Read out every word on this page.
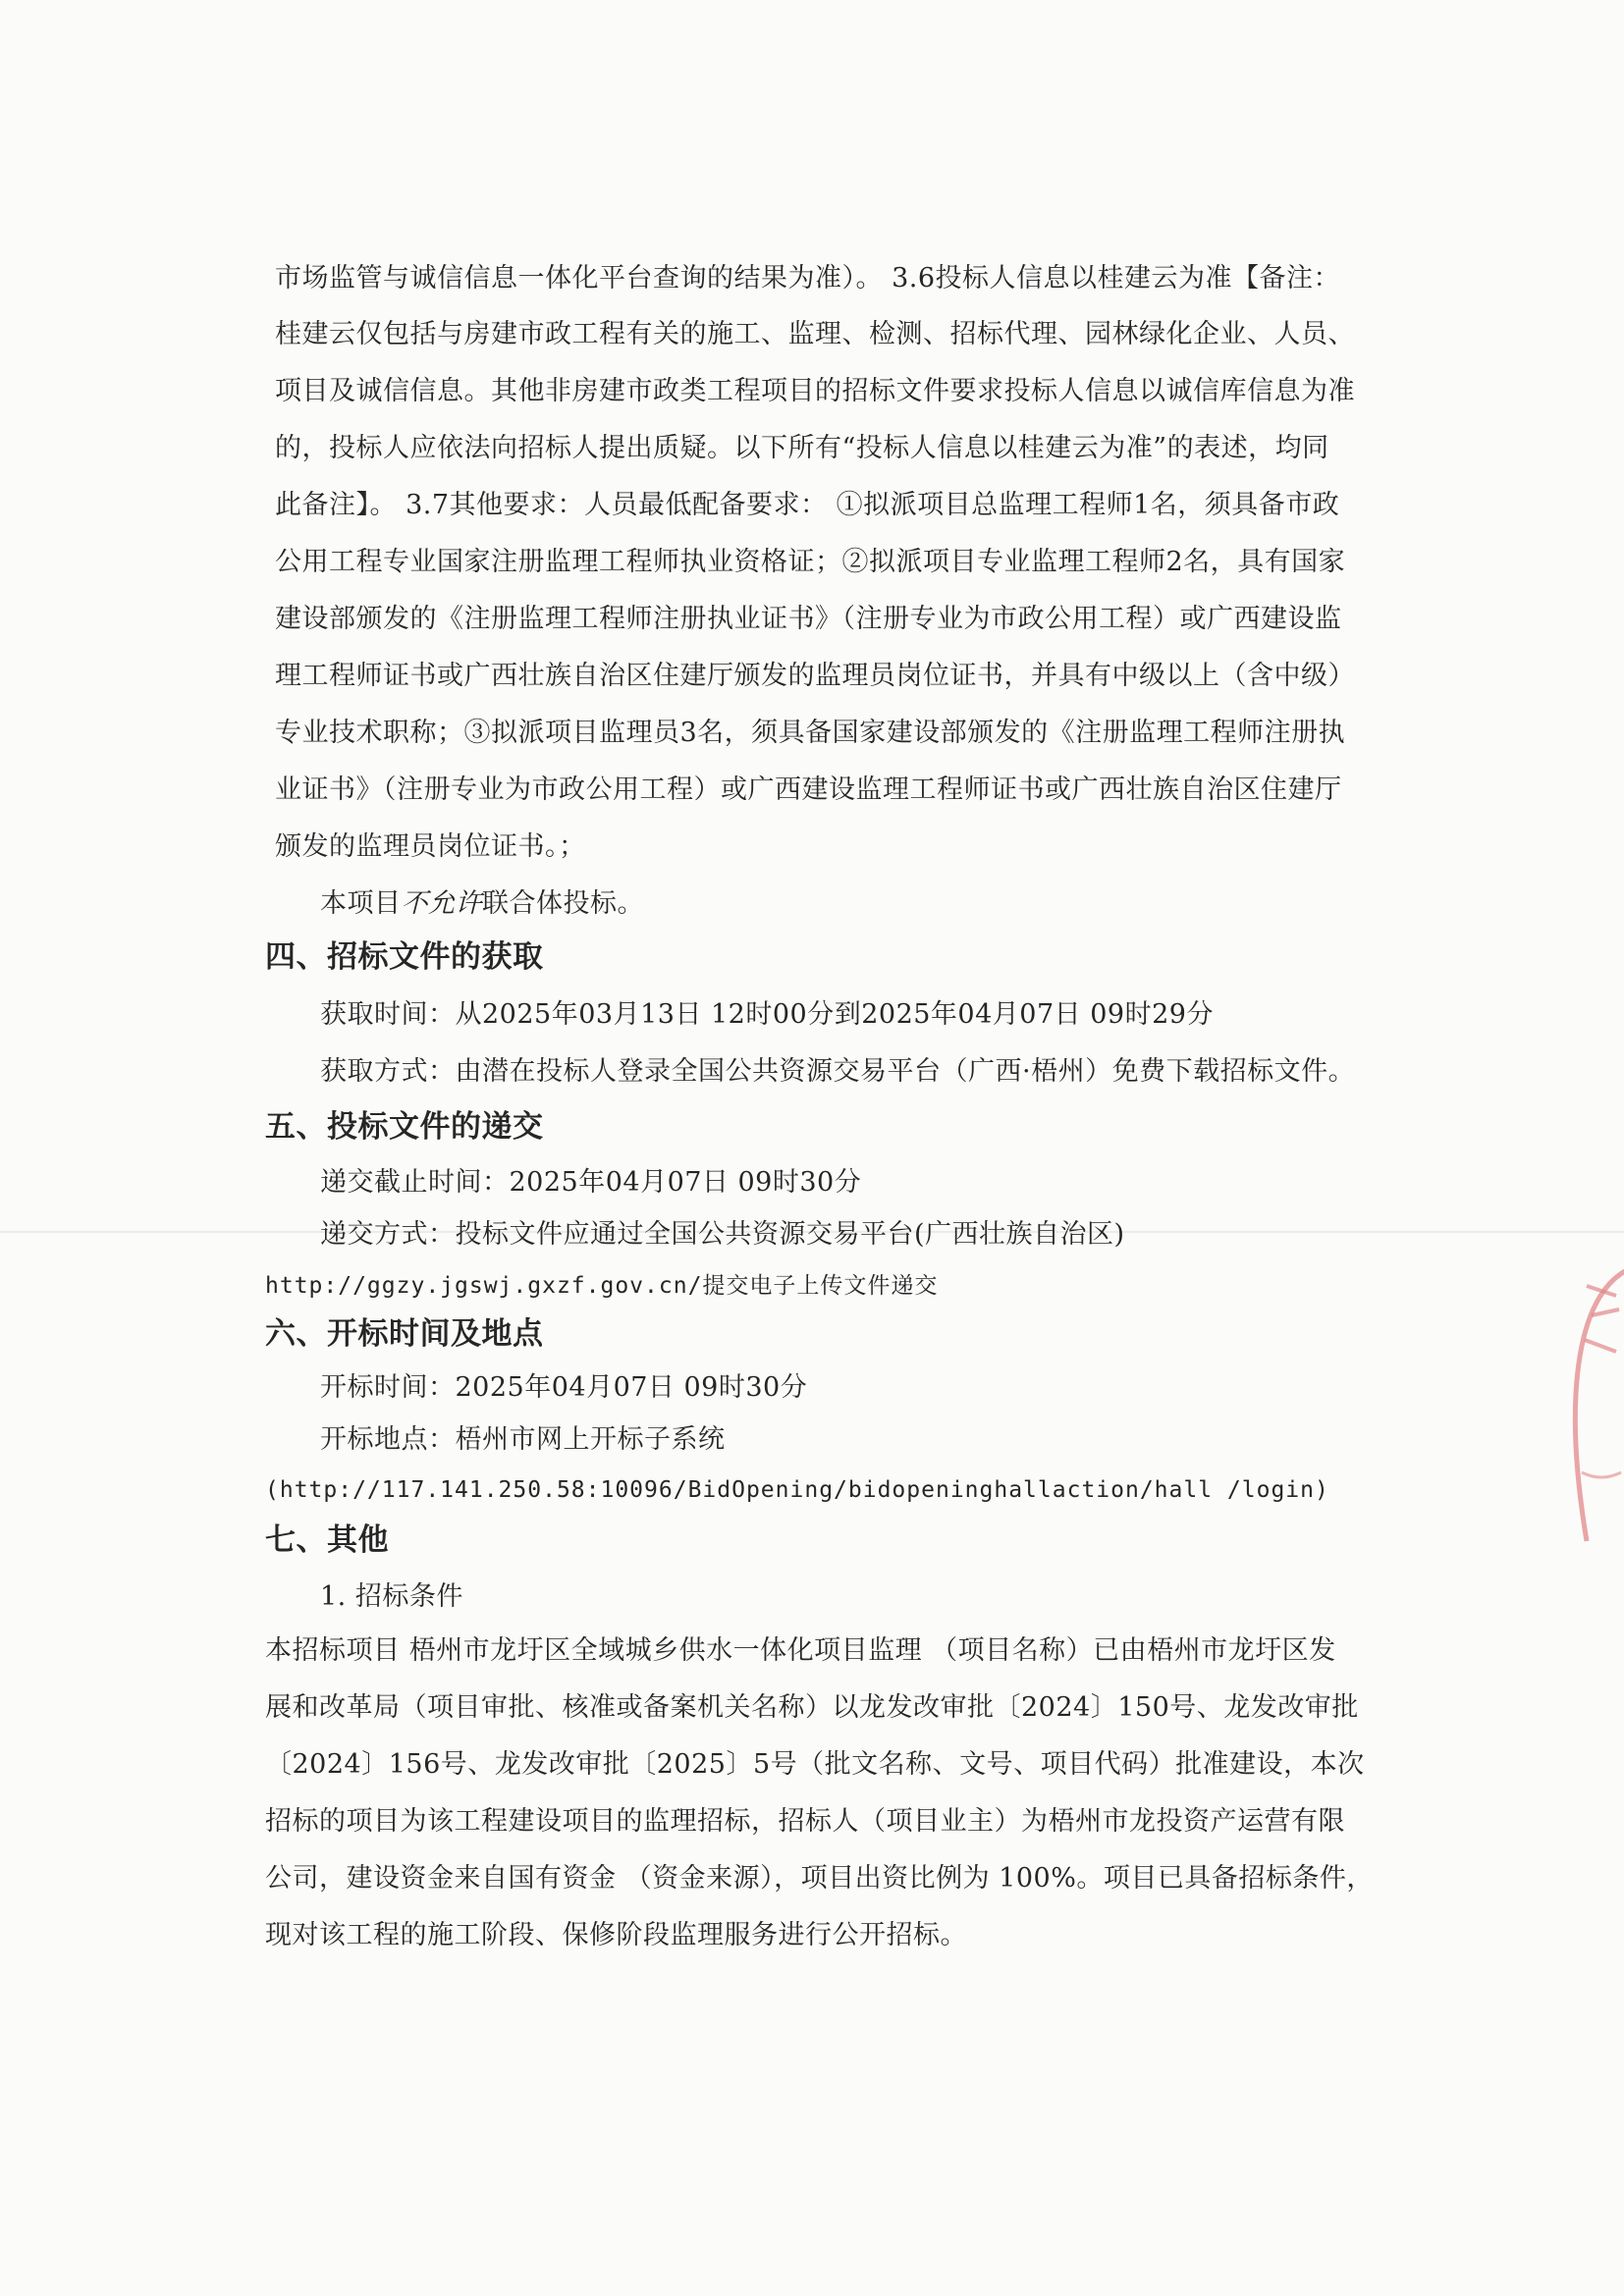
市场监管与诚信信息一体化平台查询的结果为准）。 3.6投标人信息以桂建云为准【备注：
桂建云仅包括与房建市政工程有关的施工、监理、检测、招标代理、园林绿化企业、人员、
项目及诚信信息。其他非房建市政类工程项目的招标文件要求投标人信息以诚信库信息为准
的，投标人应依法向招标人提出质疑。以下所有“投标人信息以桂建云为准”的表述，均同
此备注】。 3.7其他要求：人员最低配备要求： ①拟派项目总监理工程师1名，须具备市政
公用工程专业国家注册监理工程师执业资格证；②拟派项目专业监理工程师2名，具有国家
建设部颁发的《注册监理工程师注册执业证书》（注册专业为市政公用工程）或广西建设监
理工程师证书或广西壮族自治区住建厅颁发的监理员岗位证书，并具有中级以上（含中级）
专业技术职称；③拟派项目监理员3名，须具备国家建设部颁发的《注册监理工程师注册执
业证书》（注册专业为市政公用工程）或广西建设监理工程师证书或广西壮族自治区住建厅
颁发的监理员岗位证书。；
本项目不允许联合体投标。
四、招标文件的获取
获取时间：从2025年03月13日 12时00分到2025年04月07日 09时29分
获取方式：由潜在投标人登录全国公共资源交易平台（广西·梧州）免费下载招标文件。
五、投标文件的递交
递交截止时间：2025年04月07日 09时30分
递交方式：投标文件应通过全国公共资源交易平台(广西壮族自治区)
http://ggzy.jgswj.gxzf.gov.cn/提交电子上传文件递交
六、开标时间及地点
开标时间：2025年04月07日 09时30分
开标地点：梧州市网上开标子系统
(http://117.141.250.58:10096/BidOpening/bidopeninghallaction/hall /login)
七、其他
1. 招标条件
本招标项目 梧州市龙圩区全域城乡供水一体化项目监理 （项目名称）已由梧州市龙圩区发
展和改革局（项目审批、核准或备案机关名称）以龙发改审批〔2024〕150号、龙发改审批
〔2024〕156号、龙发改审批〔2025〕5号（批文名称、文号、项目代码）批准建设，本次
招标的项目为该工程建设项目的监理招标，招标人（项目业主）为梧州市龙投资产运营有限
公司，建设资金来自国有资金 （资金来源），项目出资比例为 100%。项目已具备招标条件，
现对该工程的施工阶段、保修阶段监理服务进行公开招标。
